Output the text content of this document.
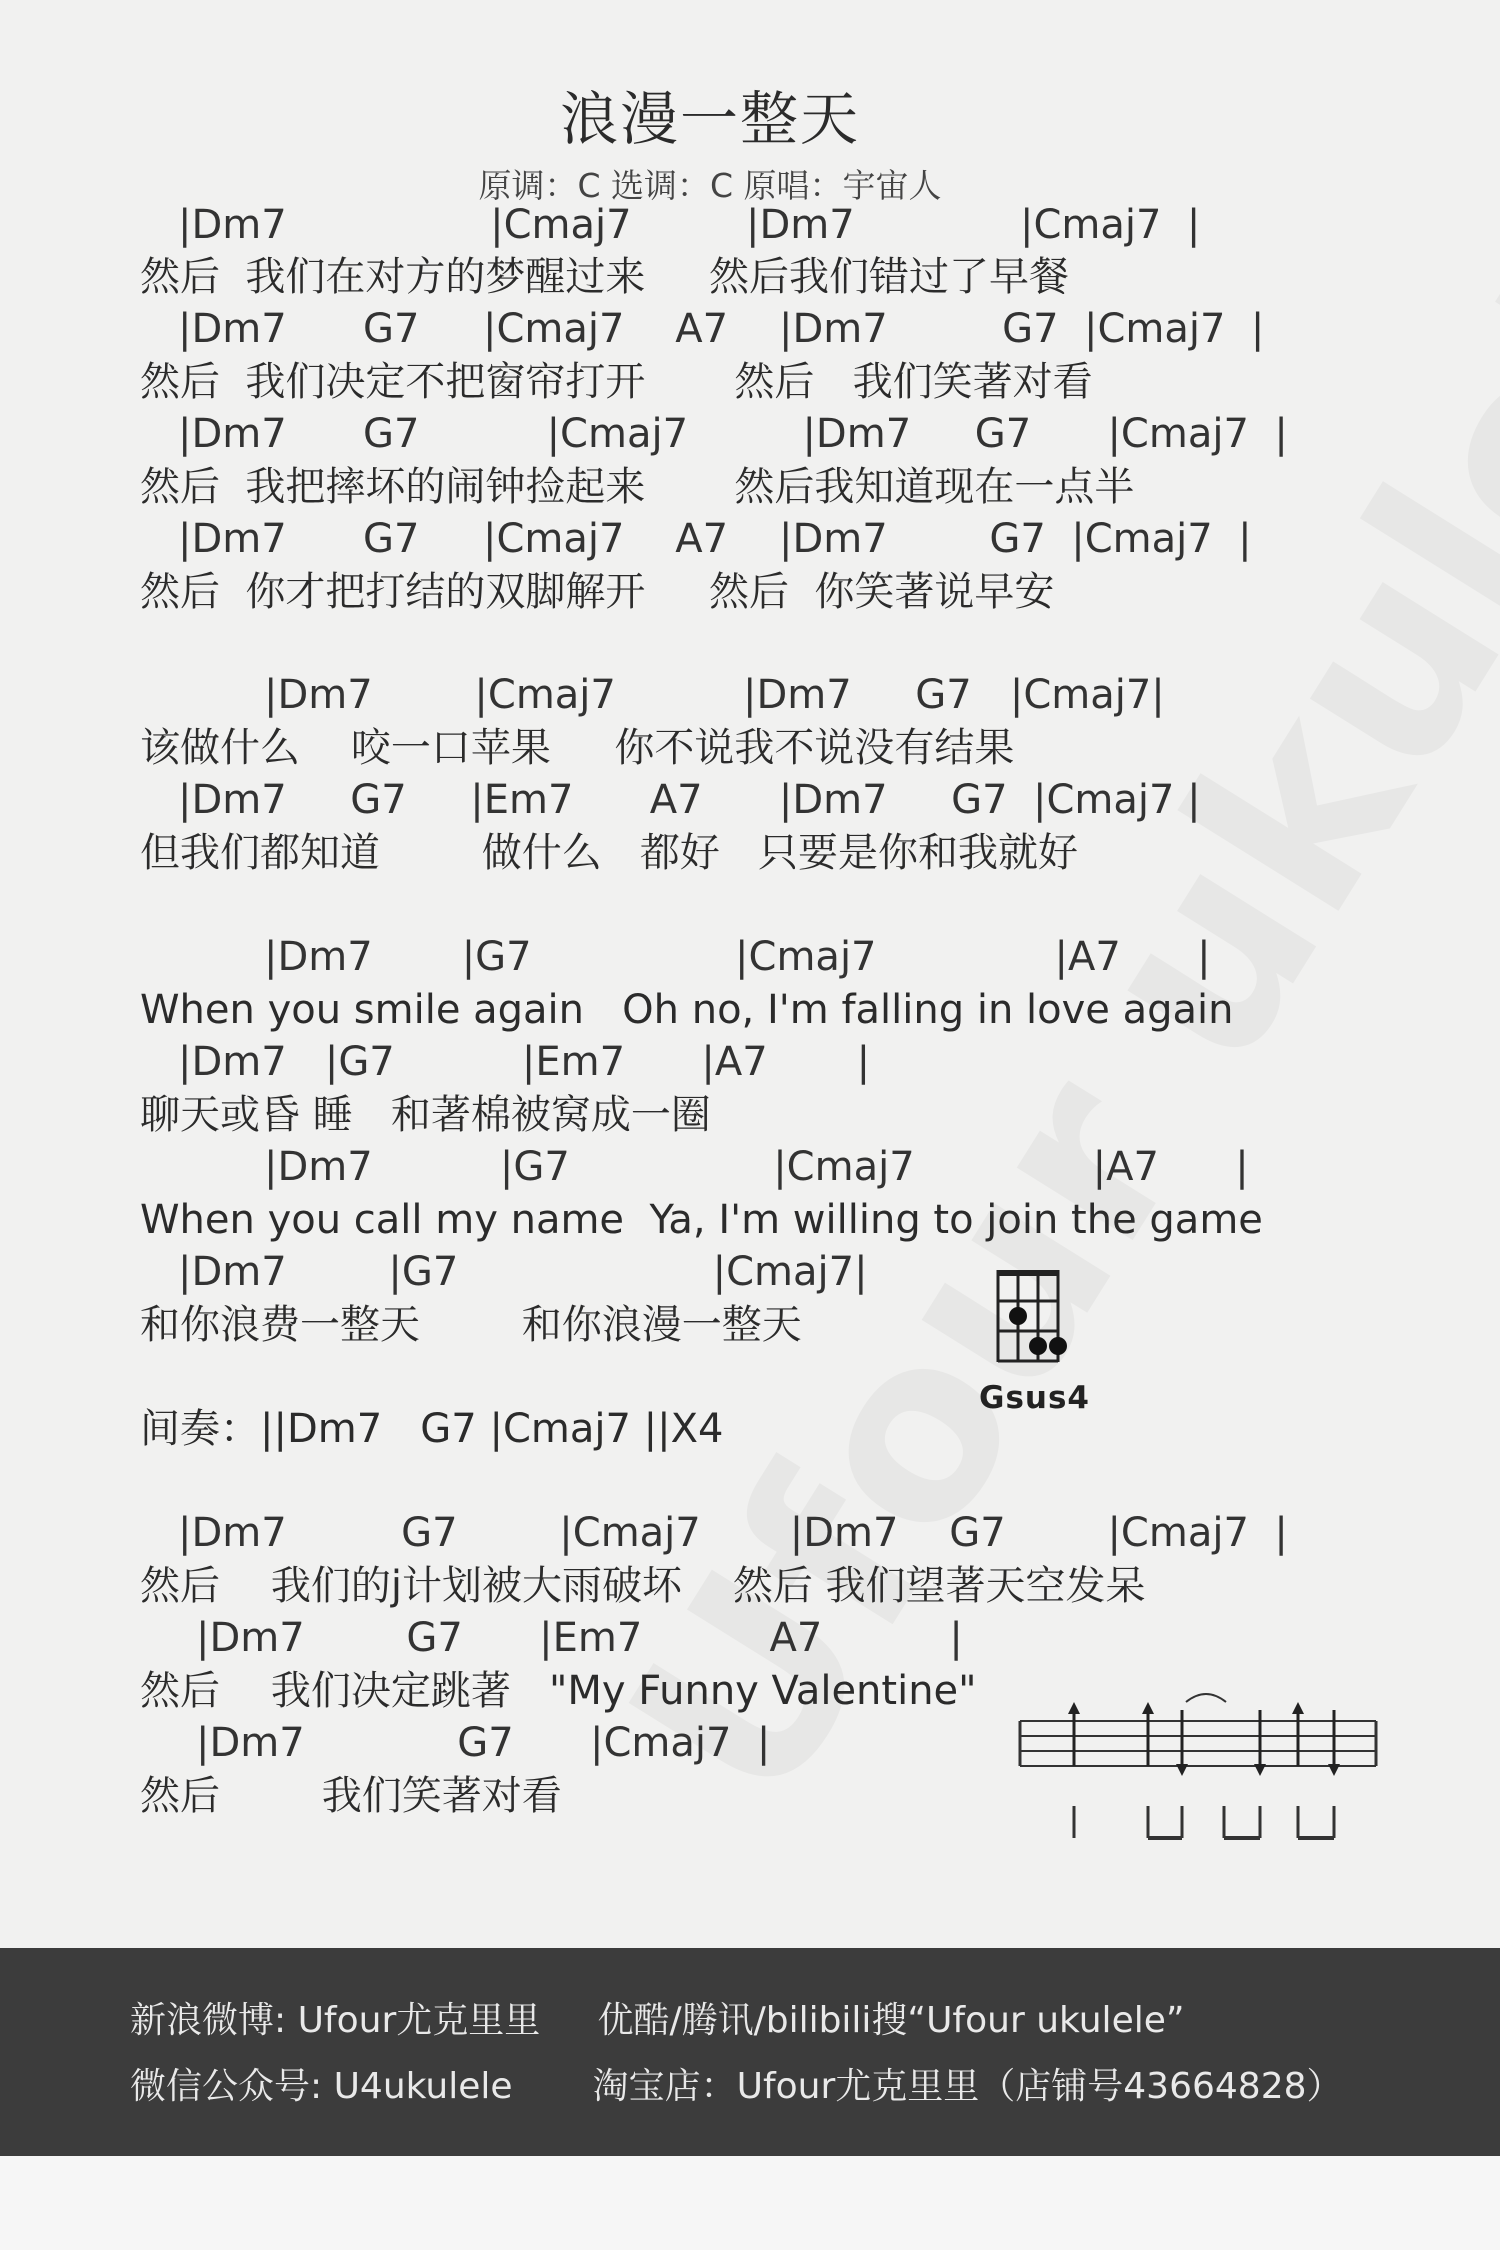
浪漫一整天
原调：C 选调：C 原唱：宇宙人
|Dm7                |Cmaj7         |Dm7             |Cmaj7  |
然后  我们在对方的梦醒过来     然后我们错过了早餐
|Dm7      G7     |Cmaj7    A7    |Dm7         G7  |Cmaj7  |
然后  我们决定不把窗帘打开       然后   我们笑著对看
|Dm7      G7          |Cmaj7         |Dm7     G7      |Cmaj7  |
然后  我把摔坏的闹钟捡起来       然后我知道现在一点半
|Dm7      G7     |Cmaj7    A7    |Dm7        G7  |Cmaj7  |
然后  你才把打结的双脚解开     然后  你笑著说早安
|Dm7        |Cmaj7          |Dm7     G7   |Cmaj7|
该做什么    咬一口苹果     你不说我不说没有结果
|Dm7     G7     |Em7      A7      |Dm7     G7  |Cmaj7 |
但我们都知道        做什么   都好   只要是你和我就好
|Dm7       |G7                |Cmaj7              |A7      |
When you smile again   Oh no, I'm falling in love again
|Dm7   |G7          |Em7      |A7       |
聊天或昏 睡   和著棉被窝成一圈
|Dm7          |G7                |Cmaj7              |A7      |
When you call my name  Ya, I'm willing to join the game
|Dm7        |G7                    |Cmaj7|
和你浪费一整天        和你浪漫一整天
间奏：||Dm7   G7 |Cmaj7 ||X4
|Dm7         G7        |Cmaj7       |Dm7    G7        |Cmaj7  |
然后    我们的j计划被大雨破坏    然后 我们望著天空发呆
|Dm7        G7      |Em7          A7          |
然后    我们决定跳著   "My Funny Valentine"
|Dm7            G7      |Cmaj7  |
然后        我们笑著对看
Gsus4
新浪微博: Ufour尤克里里     优酷/腾讯/bilibili搜“Ufour ukulele”
微信公众号: U4ukulele       淘宝店：Ufour尤克里里（店铺号43664828）
